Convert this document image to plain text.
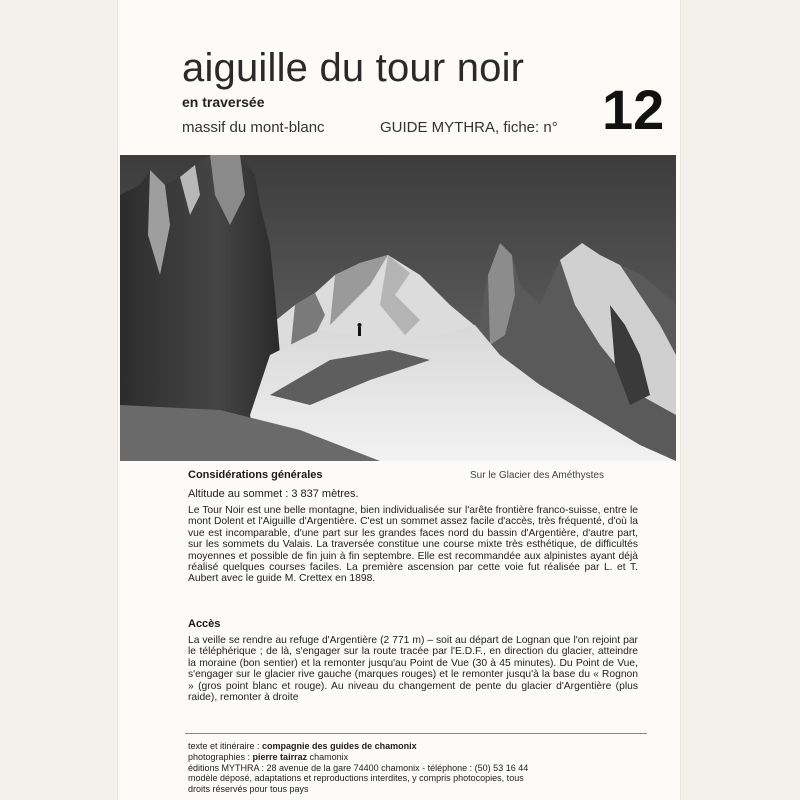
aiguille du tour noir
en traversée
massif du mont-blanc	GUIDE MYTHRA, fiche: n° 12
Sur le Glacier des Améthystes
Considérations générales
Altitude au sommet : 3 837 mètres.

Le Tour Noir est une belle montagne, bien individualisée sur l'arête frontière franco-suisse, entre le mont Dolent et l'Aiguille d'Argentière. C'est un sommet assez facile d'accès, très fréquenté, d'où la vue est incomparable, d'une part sur les grandes faces nord du bassin d'Argentière, d'autre part, sur les sommets du Valais. La traversée constitue une course mixte très esthétique, de difficultés moyennes et possible de fin juin à fin septembre. Elle est recommandée aux alpinistes ayant déjà réalisé quelques courses faciles. La première ascension par cette voie fut réalisée par L. et T. Aubert avec le guide M. Crettex en 1898.

Accès

La veille se rendre au refuge d'Argentière (2 771 m) – soit au départ de Lognan que l'on rejoint par le téléphérique ; de là, s'engager sur la route tracée par l'E.D.F., en direction du glacier, atteindre la moraine (bon sentier) et la remonter jusqu'au Point de Vue (30 à 45 minutes). Du Point de Vue, s'engager sur le glacier rive gauche (marques rouges) et le remonter jusqu'à la base du « Rognon » (gros point blanc et rouge). Au niveau du changement de pente du glacier d'Argentière (plus raide), remonter à droite

texte et itinéraire : compagnie des guides de chamonix
photographies : pierre tairraz chamonix
éditions MYTHRA : 28 avenue de la gare 74400 chamonix - téléphone : (50) 53 16 44
modèle déposé, adaptations et reproductions interdites, y compris photocopies, tous
droits réservés pour tous pays
